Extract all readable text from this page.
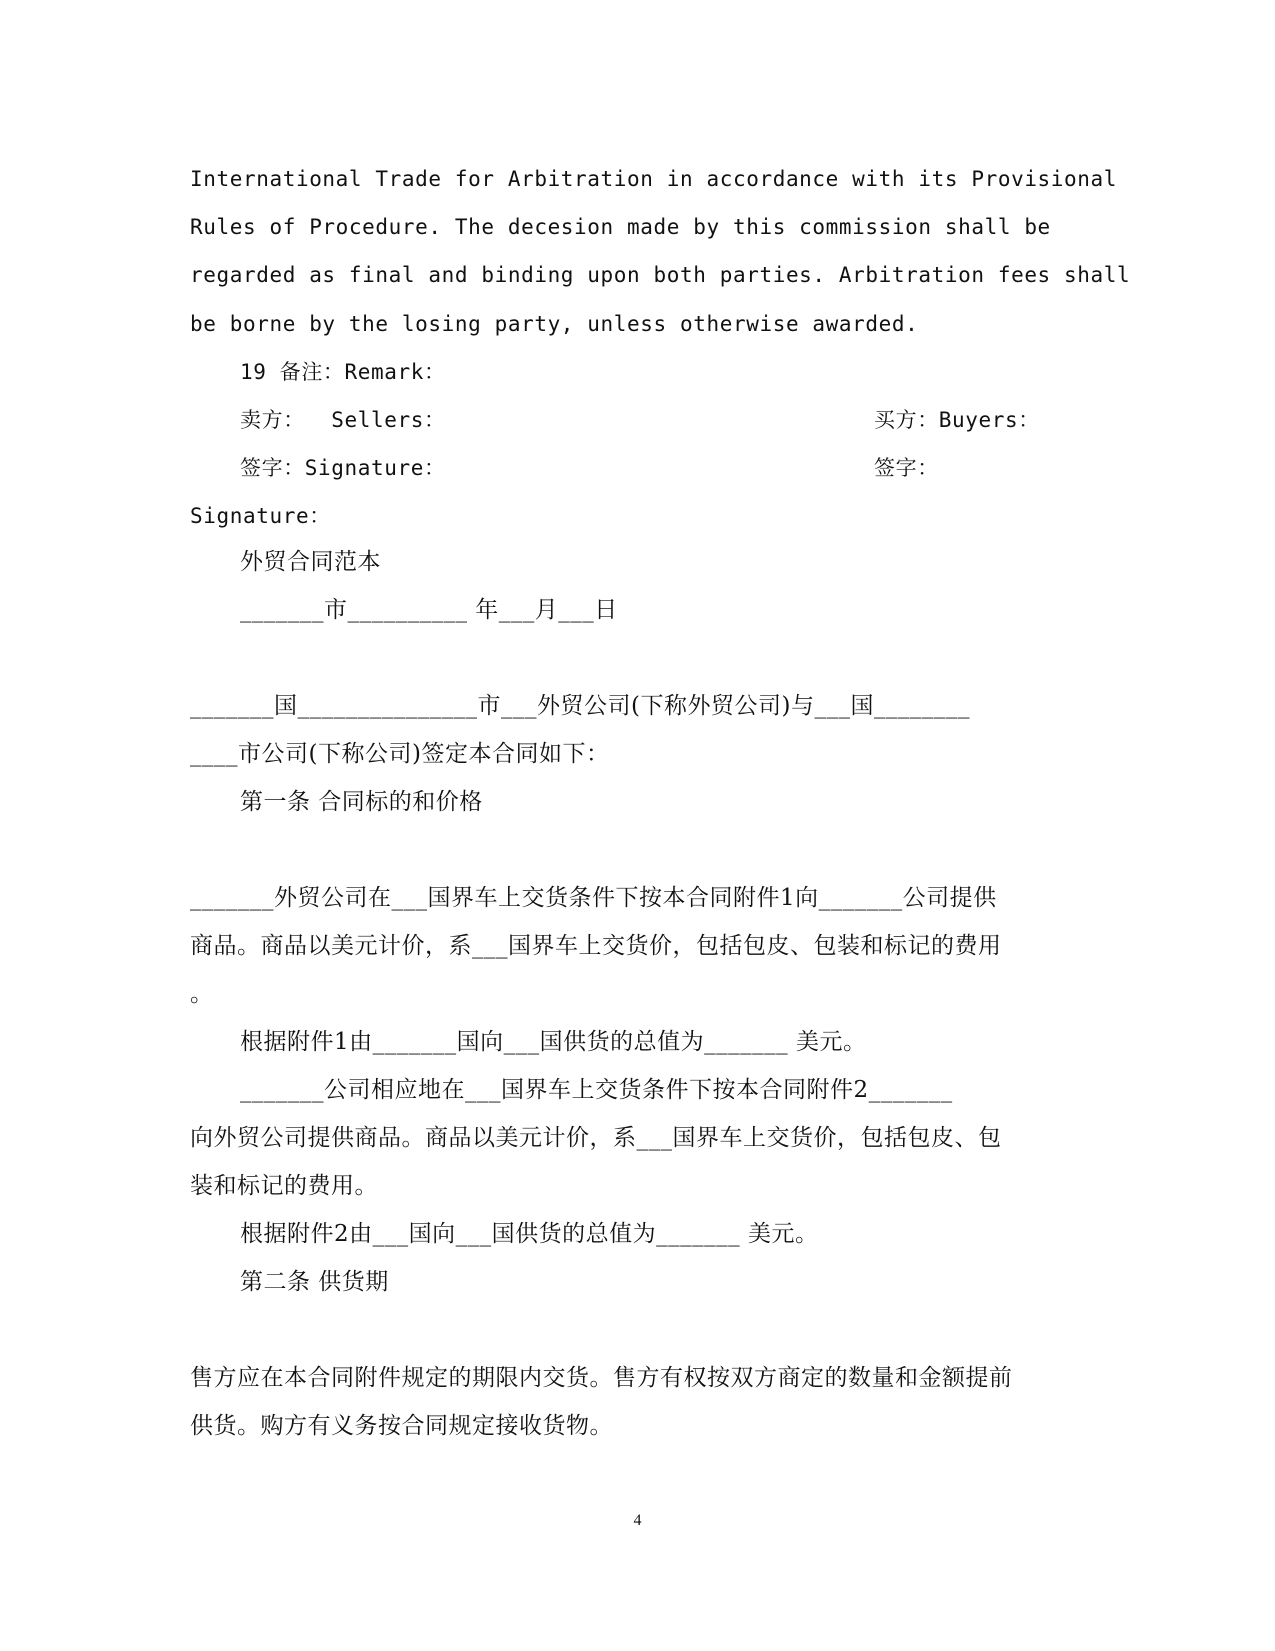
International Trade for Arbitration in accordance with its Provisional

Rules of Procedure. The decesion made by this commission shall be

regarded as final and binding upon both parties. Arbitration fees shall

be borne by the losing party, unless otherwise awarded.

19 备注：Remark：

卖方：  Sellers：	买方：Buyers：

签字：Signature：	签字：

Signature：

外贸合同范本

_______市__________ 年___月___日

_______国_______________市___外贸公司(下称外贸公司)与___国________

____市公司(下称公司)签定本合同如下：

第一条 合同标的和价格

_______外贸公司在___国界车上交货条件下按本合同附件1向_______公司提供

商品。商品以美元计价，系___国界车上交货价，包括包皮、包装和标记的费用

。

根据附件1由_______国向___国供货的总值为_______ 美元。

_______公司相应地在___国界车上交货条件下按本合同附件2_______

向外贸公司提供商品。商品以美元计价，系___国界车上交货价，包括包皮、包

装和标记的费用。

根据附件2由___国向___国供货的总值为_______ 美元。

第二条 供货期

售方应在本合同附件规定的期限内交货。售方有权按双方商定的数量和金额提前

供货。购方有义务按合同规定接收货物。

4
